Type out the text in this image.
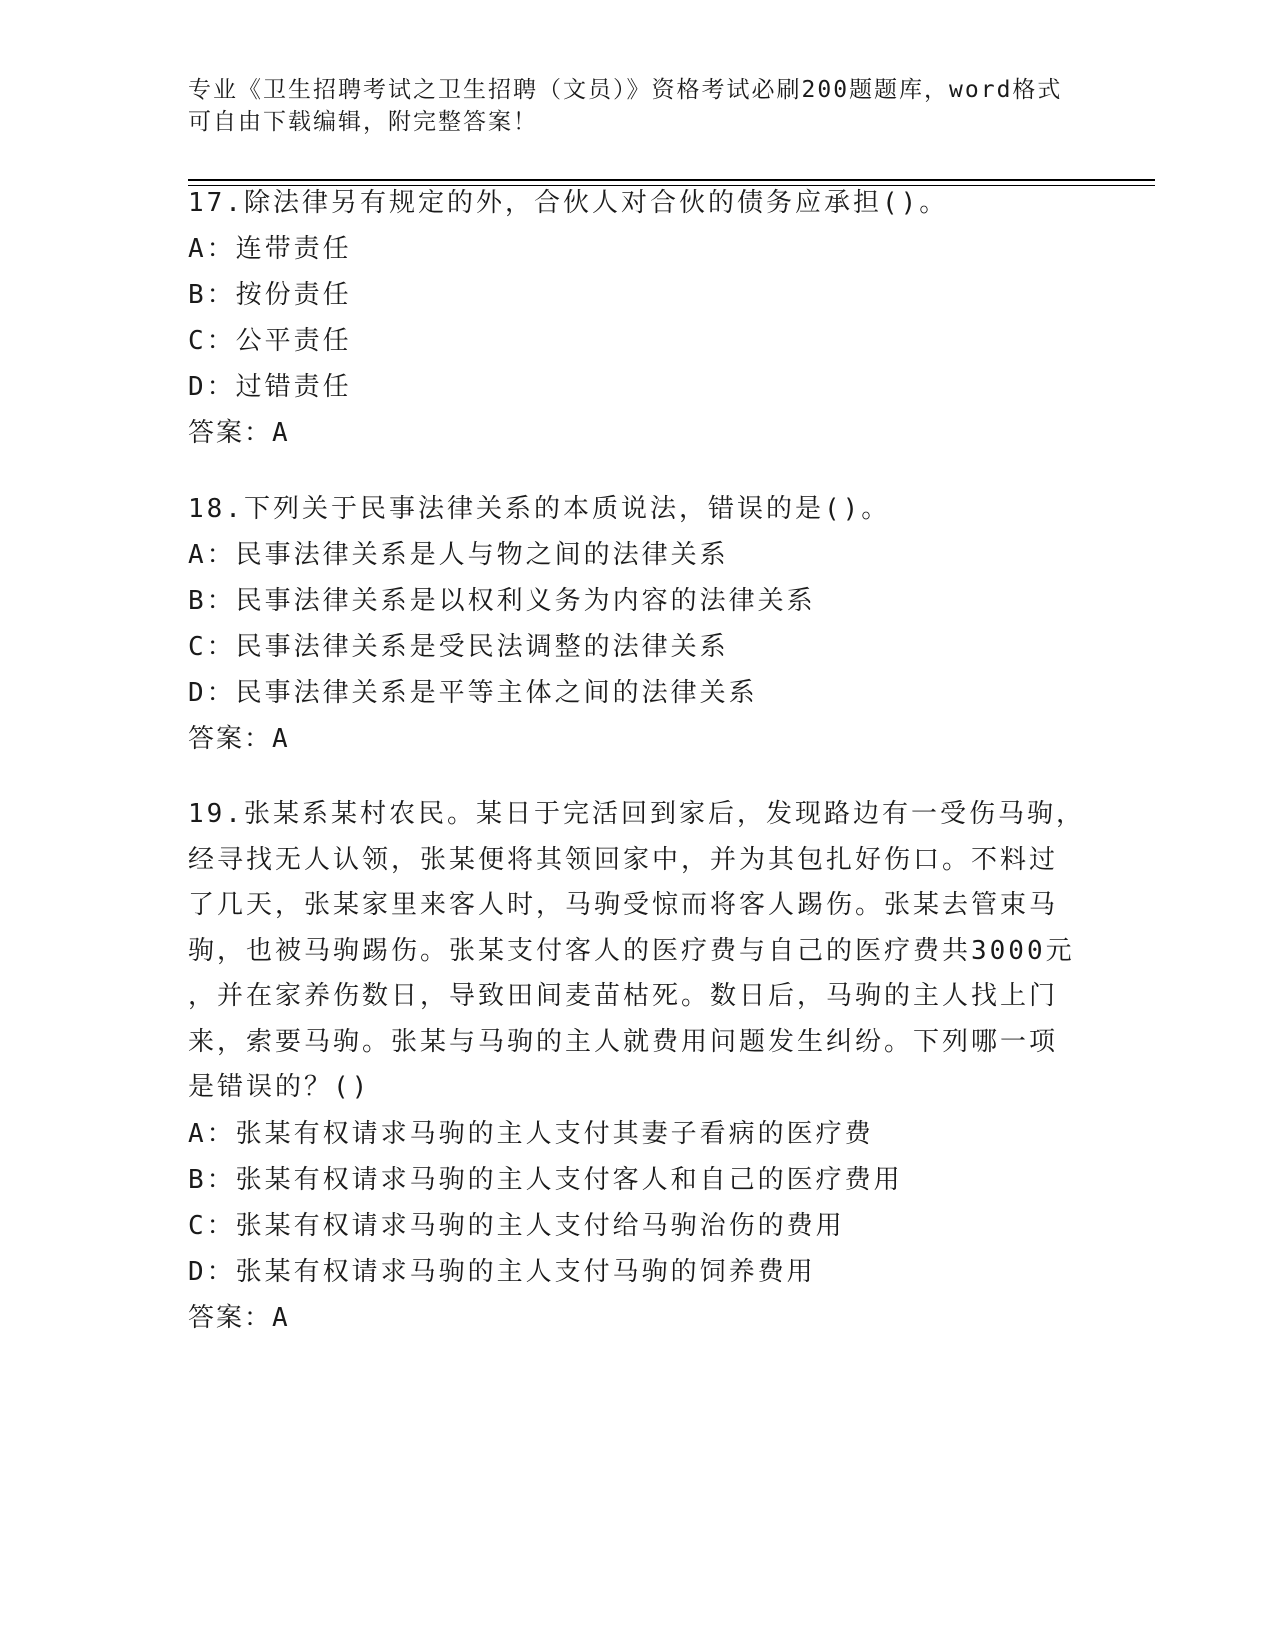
专业《卫生招聘考试之卫生招聘（文员）》资格考试必刷200题题库，word格式
可自由下载编辑，附完整答案！
17.除法律另有规定的外，合伙人对合伙的债务应承担()。
A：连带责任
B：按份责任
C：公平责任
D：过错责任
答案：A
18.下列关于民事法律关系的本质说法，错误的是()。
A：民事法律关系是人与物之间的法律关系
B：民事法律关系是以权利义务为内容的法律关系
C：民事法律关系是受民法调整的法律关系
D：民事法律关系是平等主体之间的法律关系
答案：A
19.张某系某村农民。某日于完活回到家后，发现路边有一受伤马驹，
经寻找无人认领，张某便将其领回家中，并为其包扎好伤口。不料过
了几天，张某家里来客人时，马驹受惊而将客人踢伤。张某去管束马
驹，也被马驹踢伤。张某支付客人的医疗费与自己的医疗费共3000元
，并在家养伤数日，导致田间麦苗枯死。数日后，马驹的主人找上门
来，索要马驹。张某与马驹的主人就费用问题发生纠纷。下列哪一项
是错误的？()
A：张某有权请求马驹的主人支付其妻子看病的医疗费
B：张某有权请求马驹的主人支付客人和自己的医疗费用
C：张某有权请求马驹的主人支付给马驹治伤的费用
D：张某有权请求马驹的主人支付马驹的饲养费用
答案：A
